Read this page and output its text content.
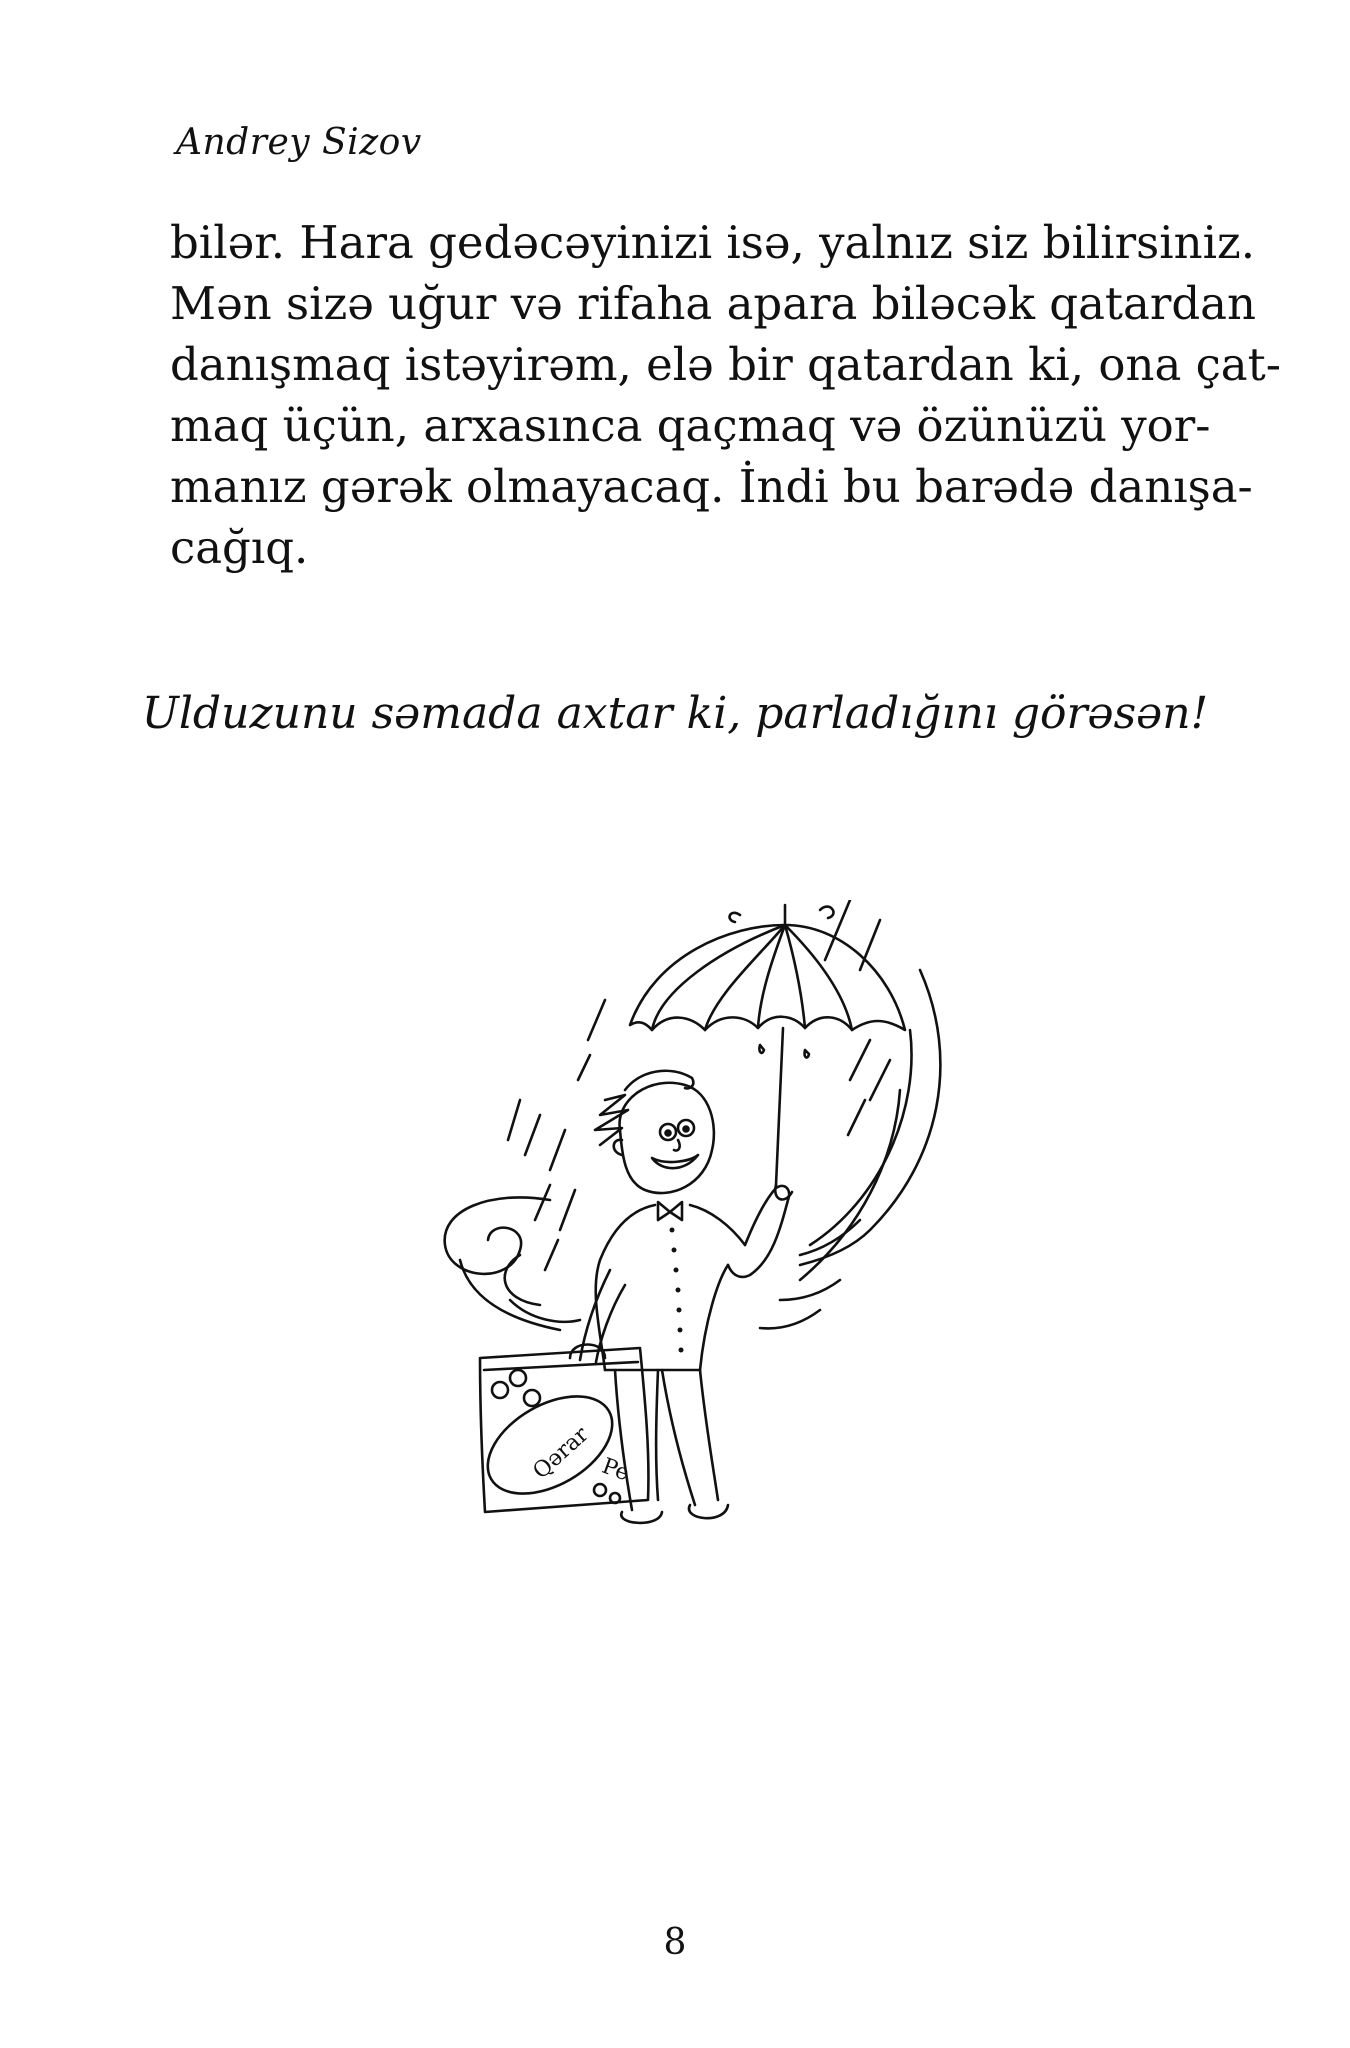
Andrey Sizov
bilər. Hara gedəcəyinizi isə, yalnız siz bilirsiniz.
Mən sizə uğur və rifaha apara biləcək qatardan
danışmaq istəyirəm, elə bir qatardan ki, ona çat-
maq üçün, arxasınca qaçmaq və özünüzü yor-
manız gərək olmayacaq. İndi bu barədə danışa-
cağıq.
Ulduzunu səmada axtar ki, parladığını görəsən!
Qərar Pe
8
